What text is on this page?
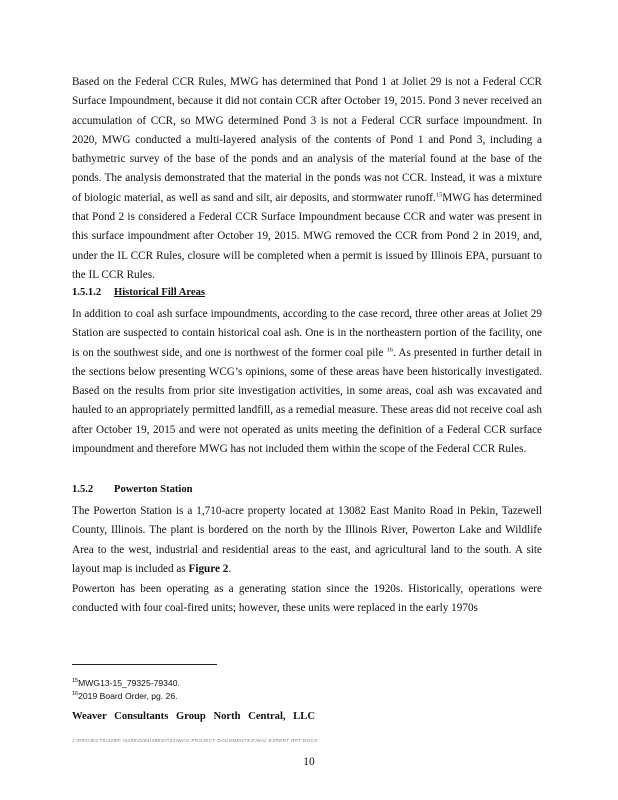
Based on the Federal CCR Rules, MWG has determined that Pond 1 at Joliet 29 is not a Federal CCR Surface Impoundment, because it did not contain CCR after October 19, 2015. Pond 3 never received an accumulation of CCR, so MWG determined Pond 3 is not a Federal CCR surface impoundment. In 2020, MWG conducted a multi-layered analysis of the contents of Pond 1 and Pond 3, including a bathymetric survey of the base of the ponds and an analysis of the material found at the base of the ponds. The analysis demonstrated that the material in the ponds was not CCR. Instead, it was a mixture of biologic material, as well as sand and silt, air deposits, and stormwater runoff.$^{15}$MWG has determined that Pond 2 is considered a Federal CCR Surface Impoundment because CCR and water was present in this surface impoundment after October 19, 2015. MWG removed the CCR from Pond 2 in 2019, and, under the IL CCR Rules, closure will be completed when a permit is issued by Illinois EPA, pursuant to the IL CCR Rules.

1.5.1.2 Historical Fill Areas

In addition to coal ash surface impoundments, according to the case record, three other areas at Joliet 29 Station are suspected to contain historical coal ash. One is in the northeastern portion of the facility, one is on the southwest side, and one is northwest of the former coal pile $^{16}$. As presented in further detail in the sections below presenting WCG’s opinions, some of these areas have been historically investigated. Based on the results from prior site investigation activities, in some areas, coal ash was excavated and hauled to an appropriately permitted landfill, as a remedial measure. These areas did not receive coal ash after October 19, 2015 and were not operated as units meeting the definition of a Federal CCR surface impoundment and therefore MWG has not included them within the scope of the Federal CCR Rules.

1.5.2 Powerton Station

The Powerton Station is a 1,710-acre property located at 13082 East Manito Road in Pekin, Tazewell County, Illinois. The plant is bordered on the north by the Illinois River, Powerton Lake and Wildlife Area to the west, industrial and residential areas to the east, and agricultural land to the south. A site layout map is included as Figure 2.

Powerton has been operating as a generating station since the 1920s. Historically, operations were conducted with four coal-fired units; however, these units were replaced in the early 1970s

$^{15}$MWG13-15_79325-79340.

$^{16}$2019 Board Order, pg. 26.

Weaver Consultants Group North Central, LLC

J:\PROJECTS\3280\-\3289\3284\388\07\03\WCG PROJECT DOCUMENTS\FINAL EXPERT RPT.DOCX

10
